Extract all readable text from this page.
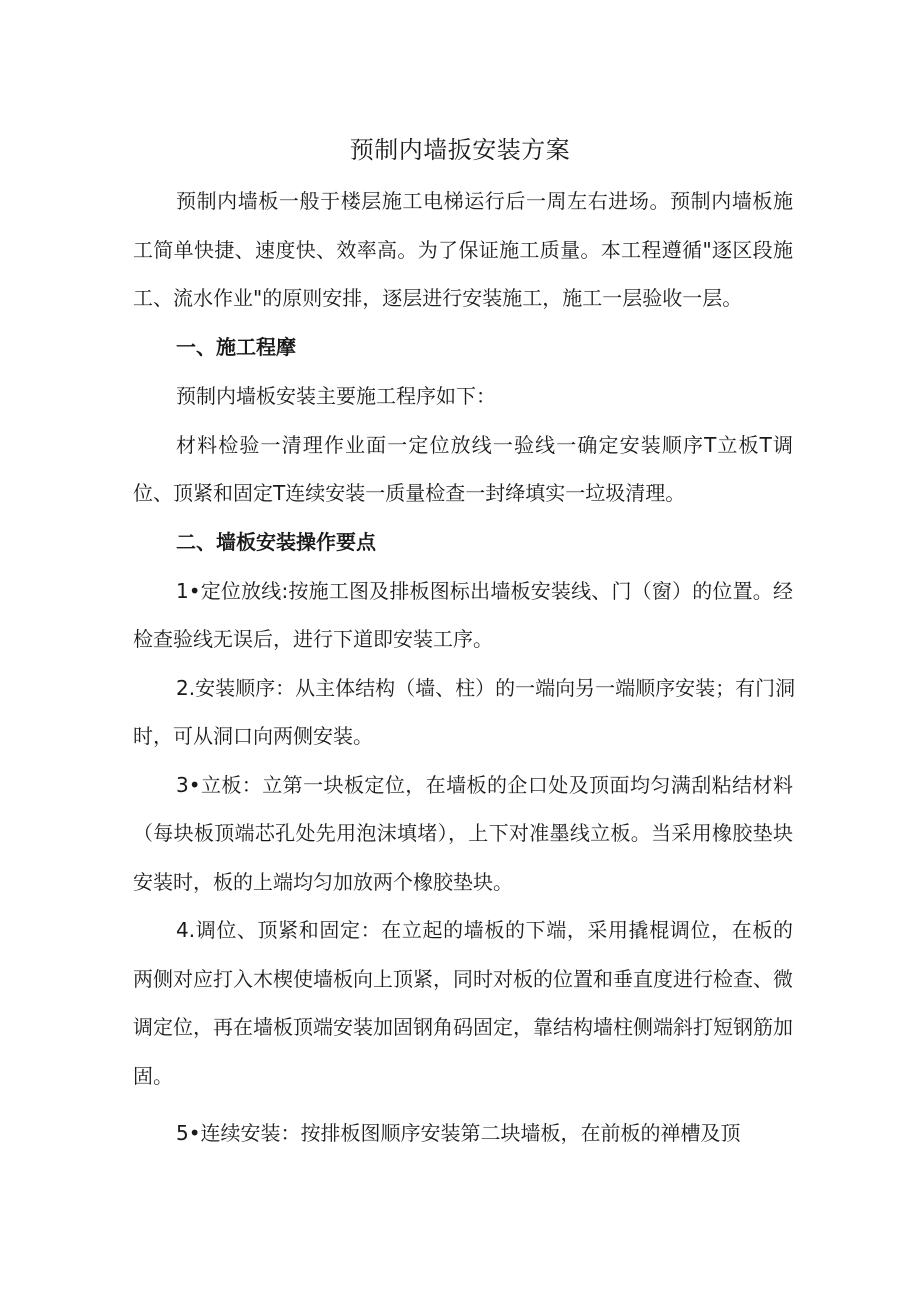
预制内墙扳安装方案
预制内墙板一般于楼层施工电梯运行后一周左右进场。预制内墙板施
工简单快捷、速度快、效率高。为了保证施工质量。本工程遵循"逐区段施
工、流水作业"的原则安排，逐层进行安装施工，施工一层验收一层。
一、施工程摩
预制内墙板安装主要施工程序如下：
材料检验一清理作业面一定位放线一验线一确定安装顺序T立板T调
位、顶紧和固定T连续安装一质量检查一封绛填实一垃圾清理。
二、墙板安装操作要点
1•定位放线:按施工图及排板图标出墙板安装线、门（窗）的位置。经
检查验线无误后，进行下道即安装工序。
2.安装顺序：从主体结构（墙、柱）的一端向另一端顺序安装；有门洞
时，可从洞口向两侧安装。
3•立板：立第一块板定位，在墙板的企口处及顶面均匀满刮粘结材料
（每块板顶端芯孔处先用泡沫填堵），上下对准墨线立板。当采用橡胶垫块
安装时，板的上端均匀加放两个橡胶垫块。
4.调位、顶紧和固定：在立起的墙板的下端，采用撬棍调位，在板的
两侧对应打入木楔使墙板向上顶紧，同时对板的位置和垂直度进行检查、微
调定位，再在墙板顶端安装加固钢角码固定，靠结构墙柱侧端斜打短钢筋加
固。
5•连续安装：按排板图顺序安装第二块墙板，在前板的禅槽及顶
